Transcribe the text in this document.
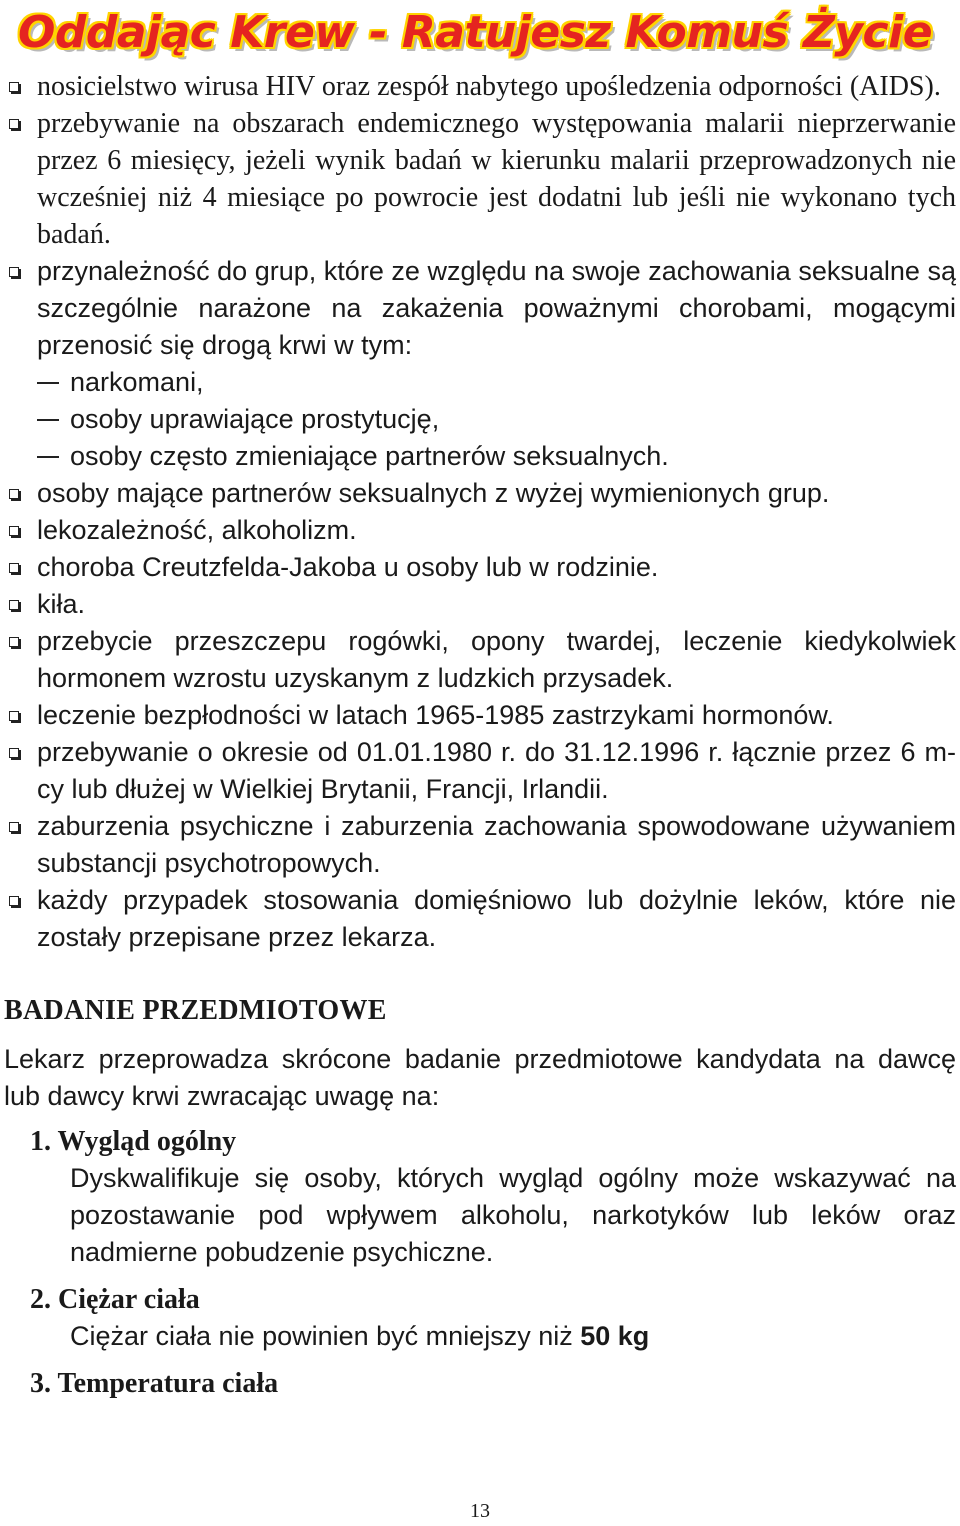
Oddając Krew - Ratujesz Komuś Życie
nosicielstwo wirusa HIV oraz zespół nabytego upośledzenia odporności (AIDS).
przebywanie na obszarach endemicznego występowania malarii nieprzerwanie przez 6 miesięcy, jeżeli wynik badań w kierunku malarii przeprowadzonych nie wcześniej niż 4 miesiące po powrocie jest dodatni lub jeśli nie wykonano tych badań.
przynależność do grup, które ze względu na swoje zachowania seksualne są szczególnie narażone na zakażenia poważnymi chorobami, mogącymi przenosić się drogą krwi w tym:
narkomani,
osoby uprawiające prostytucję,
osoby często zmieniające partnerów seksualnych.
osoby mające partnerów seksualnych z wyżej wymienionych grup.
lekozależność, alkoholizm.
choroba Creutzfelda-Jakoba u osoby lub w rodzinie.
kiła.
przebycie przeszczepu rogówki, opony twardej, leczenie kiedykolwiek hormonem wzrostu uzyskanym z ludzkich przysadek.
leczenie bezpłodności w latach 1965-1985 zastrzykami hormonów.
przebywanie o okresie od 01.01.1980 r. do 31.12.1996 r. łącznie przez 6 m-cy lub dłużej w Wielkiej Brytanii, Francji, Irlandii.
zaburzenia psychiczne i zaburzenia zachowania spowodowane używaniem substancji psychotropowych.
każdy przypadek stosowania domięśniowo lub dożylnie leków, które nie zostały przepisane przez lekarza.
BADANIE PRZEDMIOTOWE
Lekarz przeprowadza skrócone badanie przedmiotowe kandydata na dawcę lub dawcy krwi zwracając uwagę na:
1. Wygląd ogólny
Dyskwalifikuje się osoby, których wygląd ogólny może wskazywać na pozostawanie pod wpływem alkoholu, narkotyków lub leków oraz nadmierne pobudzenie psychiczne.
2. Ciężar ciała
Ciężar ciała nie powinien być mniejszy niż 50 kg
3. Temperatura ciała
13
